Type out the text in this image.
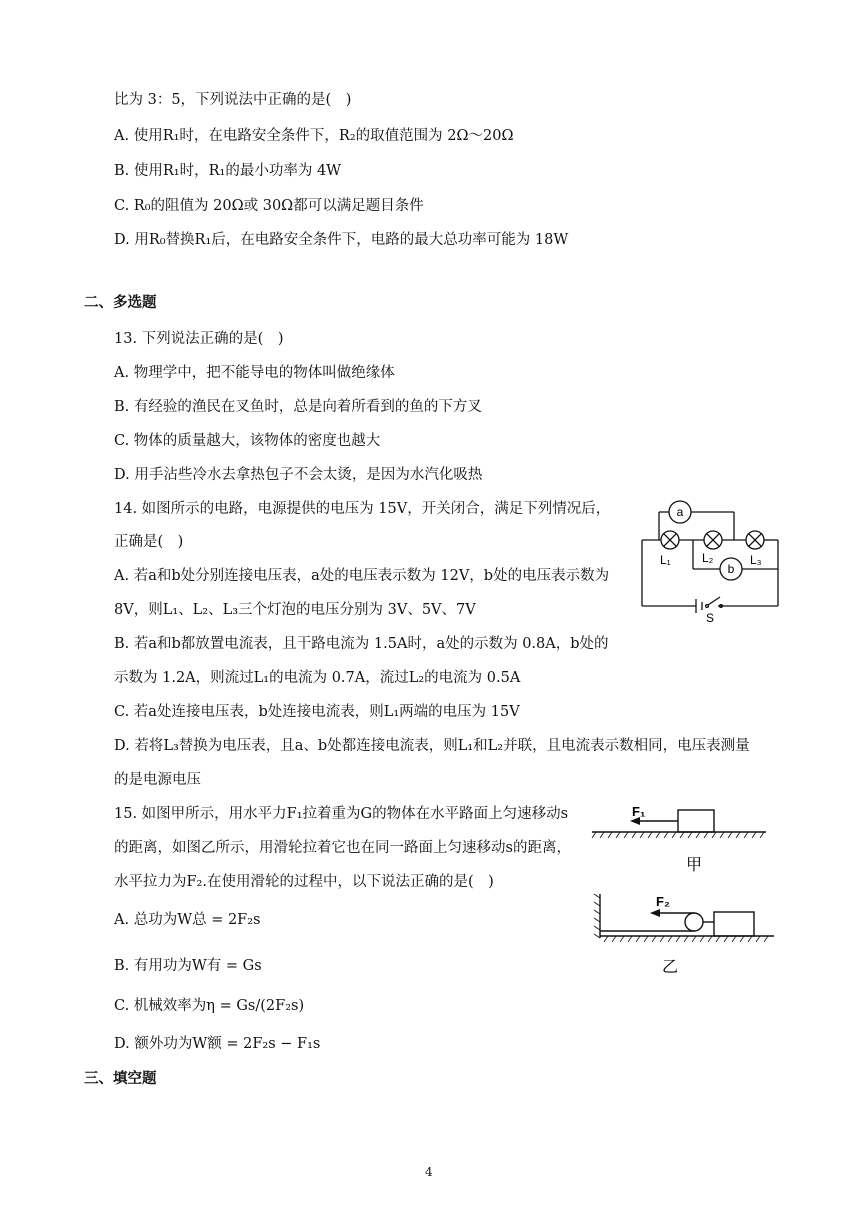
比为 3：5，下列说法中正确的是(　)
A. 使用R₁时，在电路安全条件下，R₂的取值范围为 2Ω～20Ω
B. 使用R₁时，R₁的最小功率为 4W
C. R₀的阻值为 20Ω或 30Ω都可以满足题目条件
D. 用R₀替换R₁后，在电路安全条件下，电路的最大总功率可能为 18W
二、多选题
13. 下列说法正确的是(　)
A. 物理学中，把不能导电的物体叫做绝缘体
B. 有经验的渔民在叉鱼时，总是向着所看到的鱼的下方叉
C. 物体的质量越大，该物体的密度也越大
D. 用手沾些冷水去拿热包子不会太烫，是因为水汽化吸热
14. 如图所示的电路，电源提供的电压为 15V，开关闭合，满足下列情况后，
正确是(　)
A. 若a和b处分别连接电压表，a处的电压表示数为 12V，b处的电压表示数为
8V，则L₁、L₂、L₃三个灯泡的电压分别为 3V、5V、7V
B. 若a和b都放置电流表，且干路电流为 1.5A时，a处的示数为 0.8A，b处的
示数为 1.2A，则流过L₁的电流为 0.7A，流过L₂的电流为 0.5A
C. 若a处连接电压表，b处连接电流表，则L₁两端的电压为 15V
D. 若将L₃替换为电压表，且a、b处都连接电流表，则L₁和L₂并联，且电流表示数相同，电压表测量
的是电源电压
a
b
L₁	L₂	L₃
S
15. 如图甲所示，用水平力F₁拉着重为G的物体在水平路面上匀速移动s
的距离，如图乙所示，用滑轮拉着它也在同一路面上匀速移动s的距离，
水平拉力为F₂.在使用滑轮的过程中，以下说法正确的是(　)
A. 总功为W总 = 2F₂s
B. 有用功为W有 = Gs
C. 机械效率为η = Gs/(2F₂s)
D. 额外功为W额 = 2F₂s − F₁s
F₁
F₂
甲
乙
三、填空题
4
